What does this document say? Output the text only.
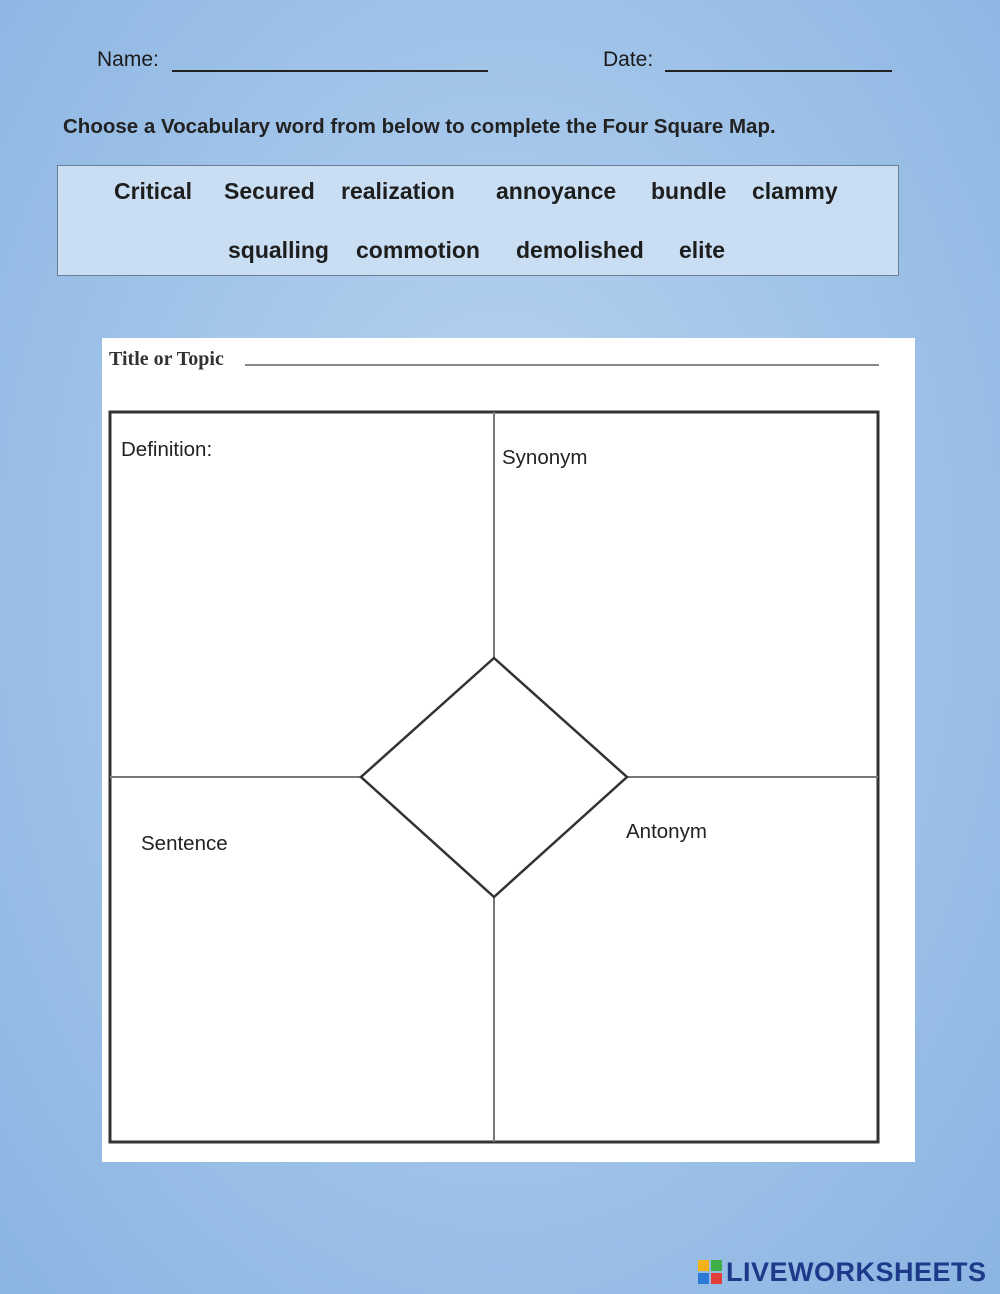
Name:	Date:
Choose a Vocabulary word from below to complete the Four Square Map.
Critical Secured realization annoyance bundle clammy
squalling commotion demolished elite
Title or Topic
Definition:	Synonym
Sentence
Antonym
LIVEWORKSHEETS
